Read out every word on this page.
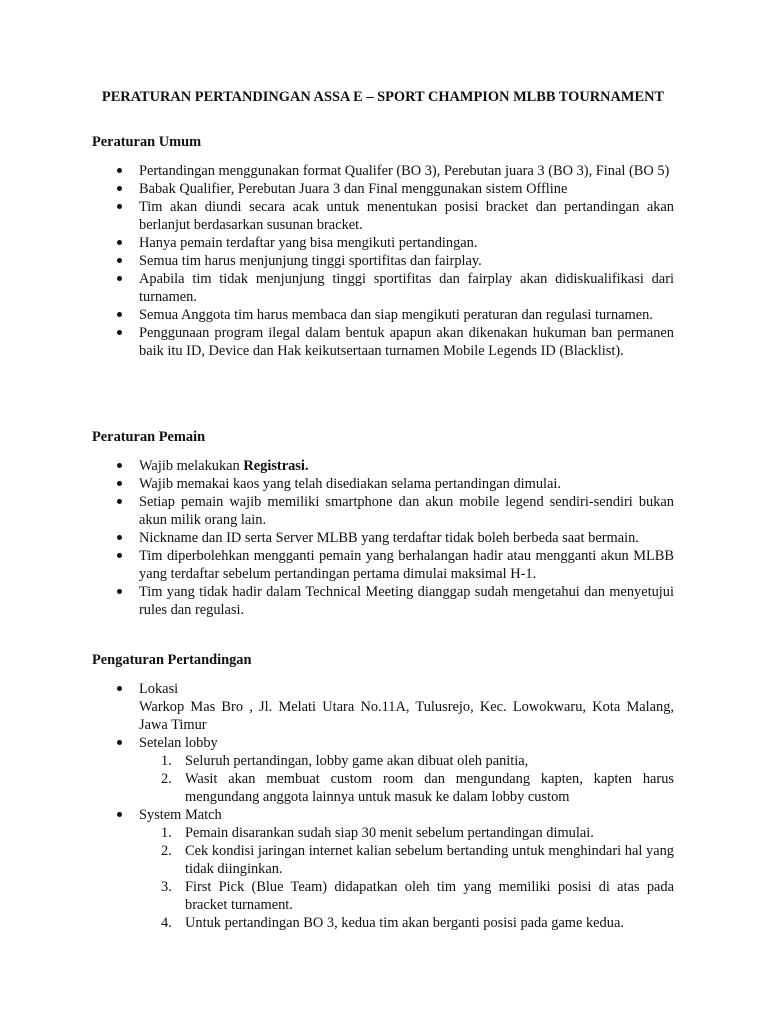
PERATURAN PERTANDINGAN ASSA E – SPORT CHAMPION MLBB TOURNAMENT
Peraturan Umum
Pertandingan menggunakan format Qualifer (BO 3), Perebutan juara 3 (BO 3), Final (BO 5)
Babak Qualifier, Perebutan Juara 3 dan Final menggunakan sistem Offline
Tim akan diundi secara acak untuk menentukan posisi bracket dan pertandingan akan berlanjut berdasarkan susunan bracket.
Hanya pemain terdaftar yang bisa mengikuti pertandingan.
Semua tim harus menjunjung tinggi sportifitas dan fairplay.
Apabila tim tidak menjunjung tinggi sportifitas dan fairplay akan didiskualifikasi dari turnamen.
Semua Anggota tim harus membaca dan siap mengikuti peraturan dan regulasi turnamen.
Penggunaan program ilegal dalam bentuk apapun akan dikenakan hukuman ban permanen baik itu ID, Device dan Hak keikutsertaan turnamen Mobile Legends ID (Blacklist).
Peraturan Pemain
Wajib melakukan Registrasi.
Wajib memakai kaos yang telah disediakan selama pertandingan dimulai.
Setiap pemain wajib memiliki smartphone dan akun mobile legend sendiri-sendiri bukan akun milik orang lain.
Nickname dan ID serta Server MLBB yang terdaftar tidak boleh berbeda saat bermain.
Tim diperbolehkan mengganti pemain yang berhalangan hadir atau mengganti akun MLBB yang terdaftar sebelum pertandingan pertama dimulai maksimal H-1.
Tim yang tidak hadir dalam Technical Meeting dianggap sudah mengetahui dan menyetujui rules dan regulasi.
Pengaturan Pertandingan
Lokasi
Warkop Mas Bro , Jl. Melati Utara No.11A, Tulusrejo, Kec. Lowokwaru, Kota Malang, Jawa Timur
Setelan lobby
1. Seluruh pertandingan, lobby game akan dibuat oleh panitia,
2. Wasit akan membuat custom room dan mengundang kapten, kapten harus mengundang anggota lainnya untuk masuk ke dalam lobby custom
System Match
1. Pemain disarankan sudah siap 30 menit sebelum pertandingan dimulai.
2. Cek kondisi jaringan internet kalian sebelum bertanding untuk menghindari hal yang tidak diinginkan.
3. First Pick (Blue Team) didapatkan oleh tim yang memiliki posisi di atas pada bracket turnament.
4. Untuk pertandingan BO 3, kedua tim akan berganti posisi pada game kedua.
